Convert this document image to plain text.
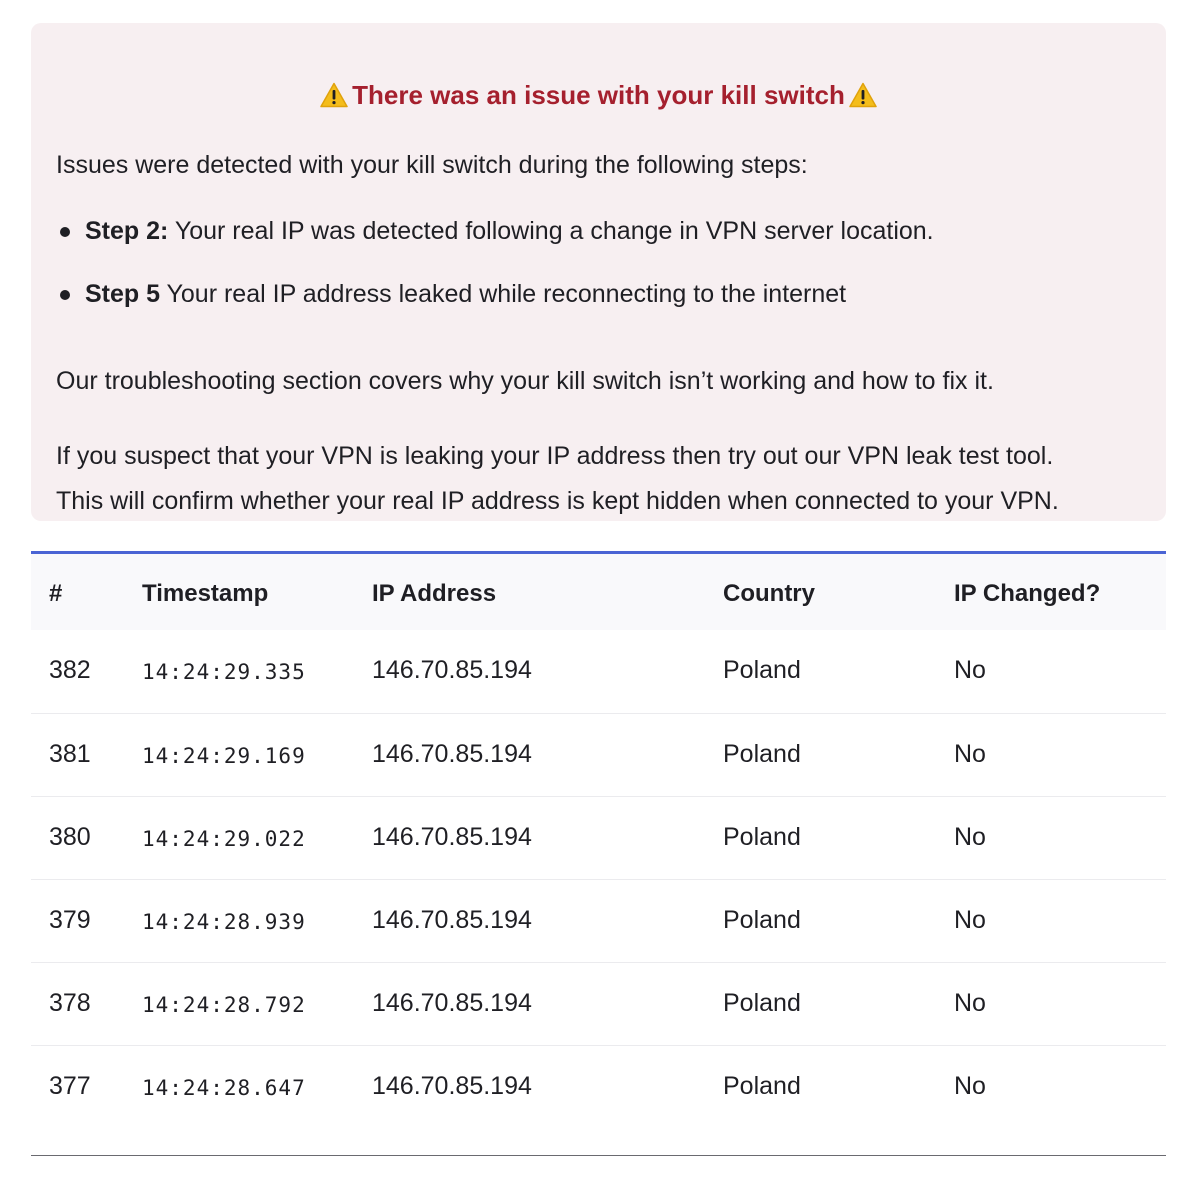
There was an issue with your kill switch
Issues were detected with your kill switch during the following steps:
Step 2: Your real IP was detected following a change in VPN server location.
Step 5 Your real IP address leaked while reconnecting to the internet
Our troubleshooting section covers why your kill switch isn’t working and how to fix it.
If you suspect that your VPN is leaking your IP address then try out our VPN leak test tool.
This will confirm whether your real IP address is kept hidden when connected to your VPN.
#	Timestamp	IP Address	Country	IP Changed?
382 14:24:29.335	146.70.85.194	Poland	No
381 14:24:29.169	146.70.85.194	Poland	No
380 14:24:29.022	146.70.85.194	Poland	No
379 14:24:28.939	146.70.85.194	Poland	No
378 14:24:28.792	146.70.85.194	Poland	No
377 14:24:28.647	146.70.85.194	Poland	No
